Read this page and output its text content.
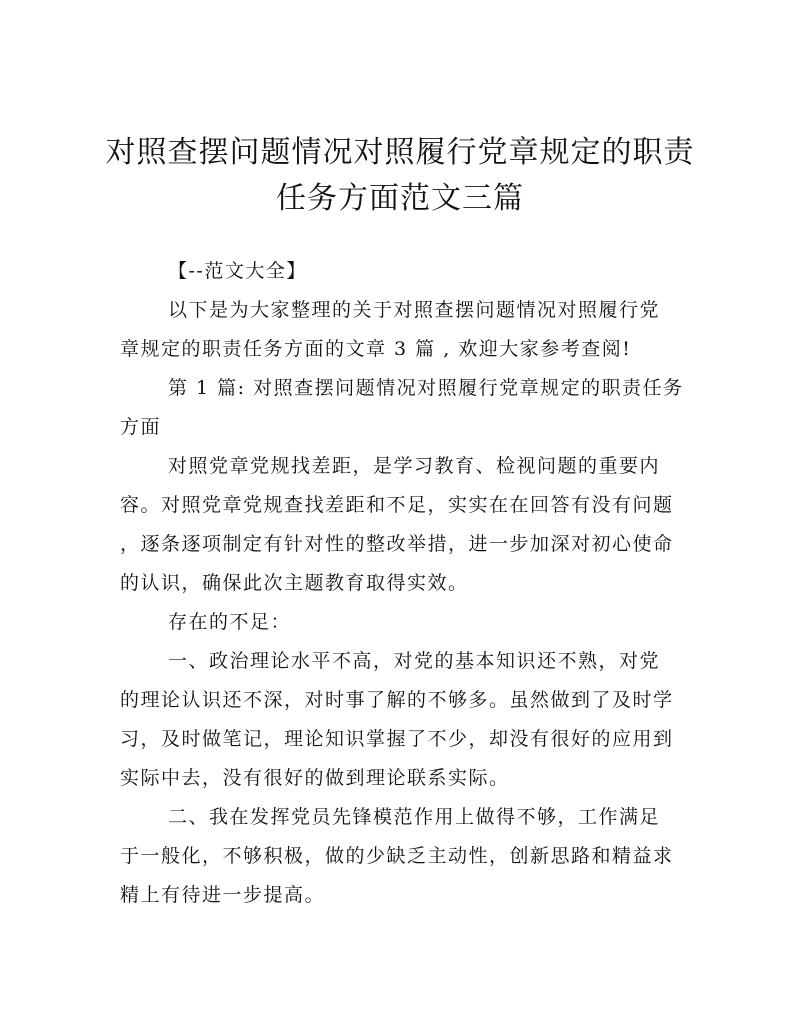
对照查摆问题情况对照履行党章规定的职责
任务方面范文三篇
【--范文大全】
以下是为大家整理的关于对照查摆问题情况对照履行党
章规定的职责任务方面的文章 3 篇 , 欢迎大家参考查阅!
第 1 篇: 对照查摆问题情况对照履行党章规定的职责任务
方面
对照党章党规找差距，是学习教育、检视问题的重要内
容。对照党章党规查找差距和不足，实实在在回答有没有问题
，逐条逐项制定有针对性的整改举措，进一步加深对初心使命
的认识，确保此次主题教育取得实效。
存在的不足：
一、政治理论水平不高，对党的基本知识还不熟，对党
的理论认识还不深，对时事了解的不够多。虽然做到了及时学
习，及时做笔记，理论知识掌握了不少，却没有很好的应用到
实际中去，没有很好的做到理论联系实际。
二、我在发挥党员先锋模范作用上做得不够，工作满足
于一般化，不够积极，做的少缺乏主动性，创新思路和精益求
精上有待进一步提高。
